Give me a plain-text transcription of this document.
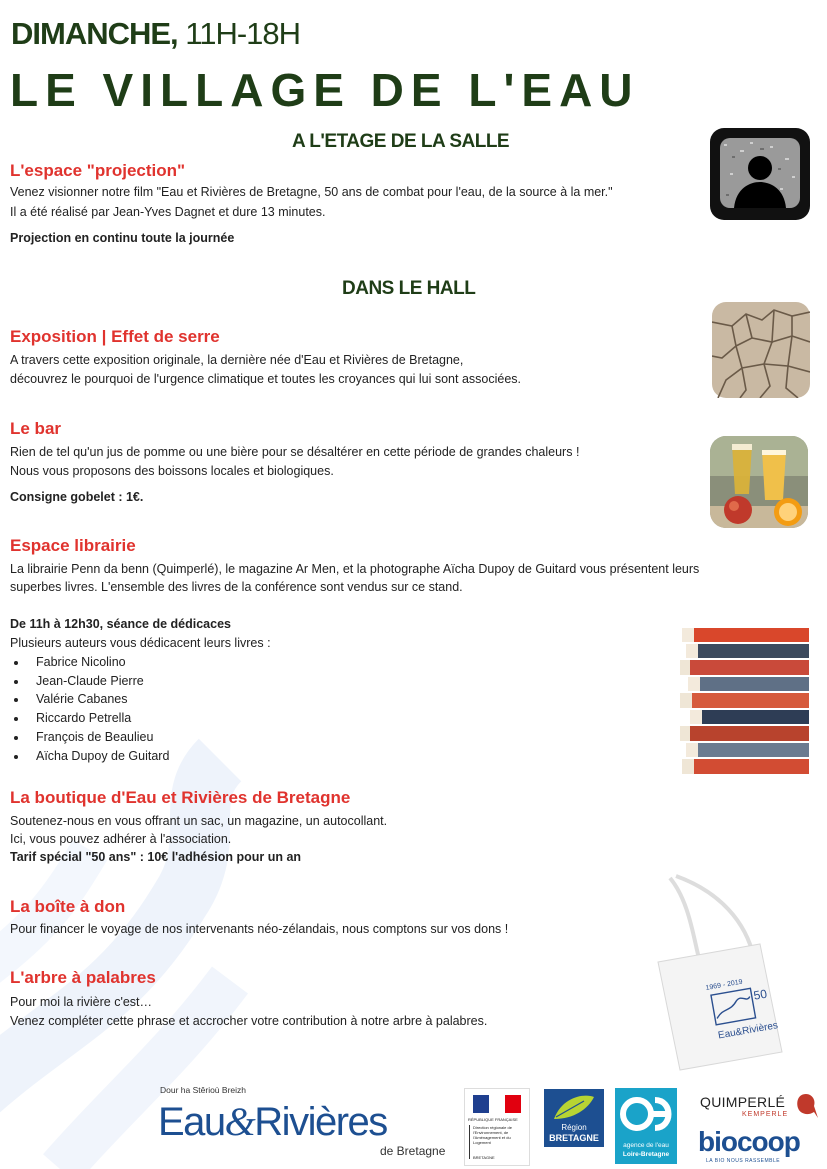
DIMANCHE, 11H-18H
LE VILLAGE DE L'EAU
A L'ETAGE DE LA SALLE
L'espace "projection"

Venez visionner notre film "Eau et Rivières de Bretagne, 50 ans de combat pour l'eau, de la source à la mer."

Il a été réalisé par Jean-Yves Dagnet et dure 13 minutes.

Projection en continu toute la journée

DANS LE HALL
Exposition | Effet de serre

A travers cette exposition originale, la dernière née d'Eau et Rivières de Bretagne,

découvrez le pourquoi de l'urgence climatique et toutes les croyances qui lui sont associées.

Le bar

Rien de tel qu'un jus de pomme ou une bière pour se désaltérer en cette période de grandes chaleurs !

Nous vous proposons des boissons locales et biologiques.

Consigne gobelet : 1€.

Espace librairie

La librairie Penn da benn (Quimperlé), le magazine Ar Men, et la photographe Aïcha Dupoy de Guitard vous présentent leurs

superbes livres. L'ensemble des livres de la conférence sont vendus sur ce stand.

De 11h à 12h30, séance de dédicaces

Plusieurs auteurs vous dédicacent leurs livres :

• Fabrice Nicolino
• Jean-Claude Pierre
• Valérie Cabanes
• Riccardo Petrella
• François de Beaulieu
• Aïcha Dupoy de Guitard
La boutique d'Eau et Rivières de Bretagne

Soutenez-nous en vous offrant un sac, un magazine, un autocollant.

Ici, vous pouvez adhérer à l'association.

Tarif spécial "50 ans" : 10€ l'adhésion pour un an

1969 - 2019
50
Eau&Rivières
La boîte à don

Pour financer le voyage de nos intervenants néo-zélandais, nous comptons sur vos dons !

L'arbre à palabres

Pour moi la rivière c'est…

Venez compléter cette phrase et accrocher votre contribution à notre arbre à palabres.

Dour ha Stêrioù Breizh
Eau&Rivières
de Bretagne
RÉPUBLIQUE FRANÇAISE
Direction régionale de l'Environnement, de l'Aménagement et du Logement
BRETAGNE
Région
BRETAGNE
agence de l'eau
Loire-Bretagne
QUIMPERLÉ
KEMPERLE
biocoop
LA BIO NOUS RASSEMBLE
